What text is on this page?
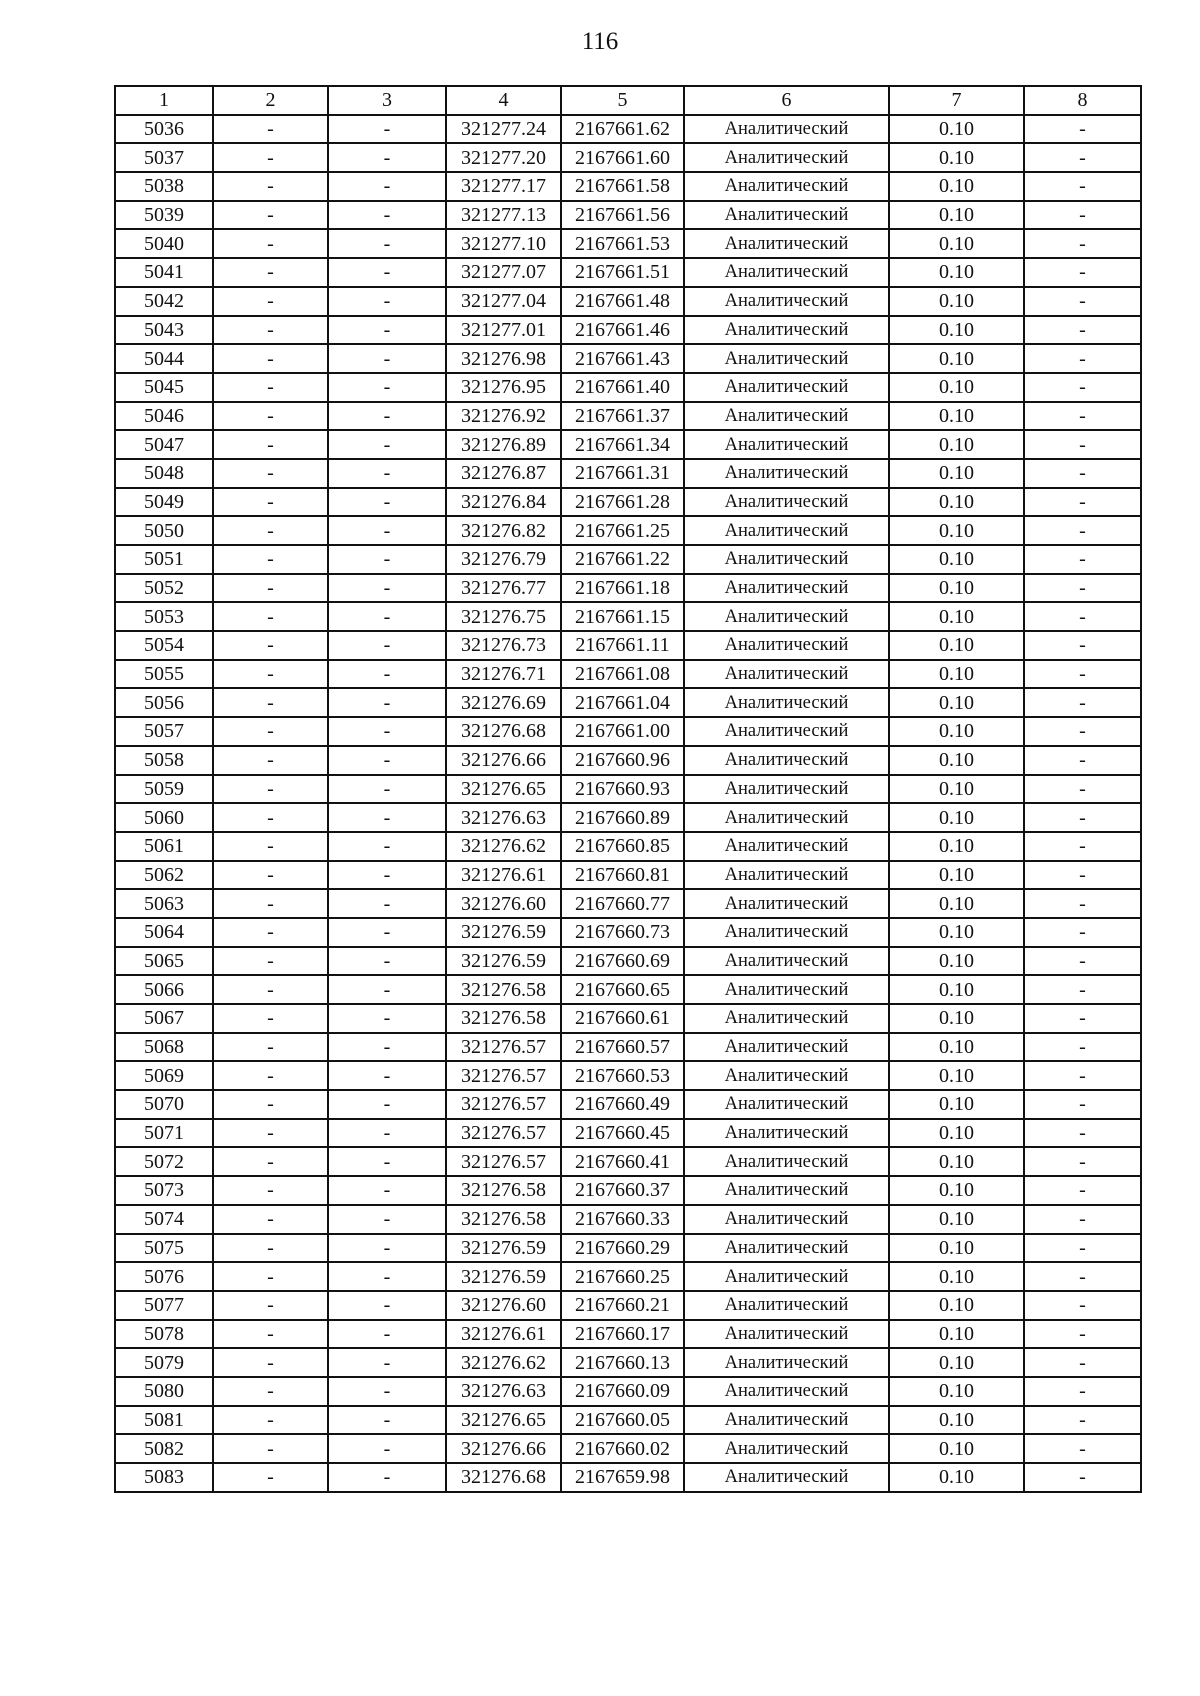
116
1	2	3	4	5	6	7	8
5036	-	-	321277.24	2167661.62	Аналитический	0.10	-
5037	-	-	321277.20	2167661.60	Аналитический	0.10	-
5038	-	-	321277.17	2167661.58	Аналитический	0.10	-
5039	-	-	321277.13	2167661.56	Аналитический	0.10	-
5040	-	-	321277.10	2167661.53	Аналитический	0.10	-
5041	-	-	321277.07	2167661.51	Аналитический	0.10	-
5042	-	-	321277.04	2167661.48	Аналитический	0.10	-
5043	-	-	321277.01	2167661.46	Аналитический	0.10	-
5044	-	-	321276.98	2167661.43	Аналитический	0.10	-
5045	-	-	321276.95	2167661.40	Аналитический	0.10	-
5046	-	-	321276.92	2167661.37	Аналитический	0.10	-
5047	-	-	321276.89	2167661.34	Аналитический	0.10	-
5048	-	-	321276.87	2167661.31	Аналитический	0.10	-
5049	-	-	321276.84	2167661.28	Аналитический	0.10	-
5050	-	-	321276.82	2167661.25	Аналитический	0.10	-
5051	-	-	321276.79	2167661.22	Аналитический	0.10	-
5052	-	-	321276.77	2167661.18	Аналитический	0.10	-
5053	-	-	321276.75	2167661.15	Аналитический	0.10	-
5054	-	-	321276.73	2167661.11	Аналитический	0.10	-
5055	-	-	321276.71	2167661.08	Аналитический	0.10	-
5056	-	-	321276.69	2167661.04	Аналитический	0.10	-
5057	-	-	321276.68	2167661.00	Аналитический	0.10	-
5058	-	-	321276.66	2167660.96	Аналитический	0.10	-
5059	-	-	321276.65	2167660.93	Аналитический	0.10	-
5060	-	-	321276.63	2167660.89	Аналитический	0.10	-
5061	-	-	321276.62	2167660.85	Аналитический	0.10	-
5062	-	-	321276.61	2167660.81	Аналитический	0.10	-
5063	-	-	321276.60	2167660.77	Аналитический	0.10	-
5064	-	-	321276.59	2167660.73	Аналитический	0.10	-
5065	-	-	321276.59	2167660.69	Аналитический	0.10	-
5066	-	-	321276.58	2167660.65	Аналитический	0.10	-
5067	-	-	321276.58	2167660.61	Аналитический	0.10	-
5068	-	-	321276.57	2167660.57	Аналитический	0.10	-
5069	-	-	321276.57	2167660.53	Аналитический	0.10	-
5070	-	-	321276.57	2167660.49	Аналитический	0.10	-
5071	-	-	321276.57	2167660.45	Аналитический	0.10	-
5072	-	-	321276.57	2167660.41	Аналитический	0.10	-
5073	-	-	321276.58	2167660.37	Аналитический	0.10	-
5074	-	-	321276.58	2167660.33	Аналитический	0.10	-
5075	-	-	321276.59	2167660.29	Аналитический	0.10	-
5076	-	-	321276.59	2167660.25	Аналитический	0.10	-
5077	-	-	321276.60	2167660.21	Аналитический	0.10	-
5078	-	-	321276.61	2167660.17	Аналитический	0.10	-
5079	-	-	321276.62	2167660.13	Аналитический	0.10	-
5080	-	-	321276.63	2167660.09	Аналитический	0.10	-
5081	-	-	321276.65	2167660.05	Аналитический	0.10	-
5082	-	-	321276.66	2167660.02	Аналитический	0.10	-
5083	-	-	321276.68	2167659.98	Аналитический	0.10	-
